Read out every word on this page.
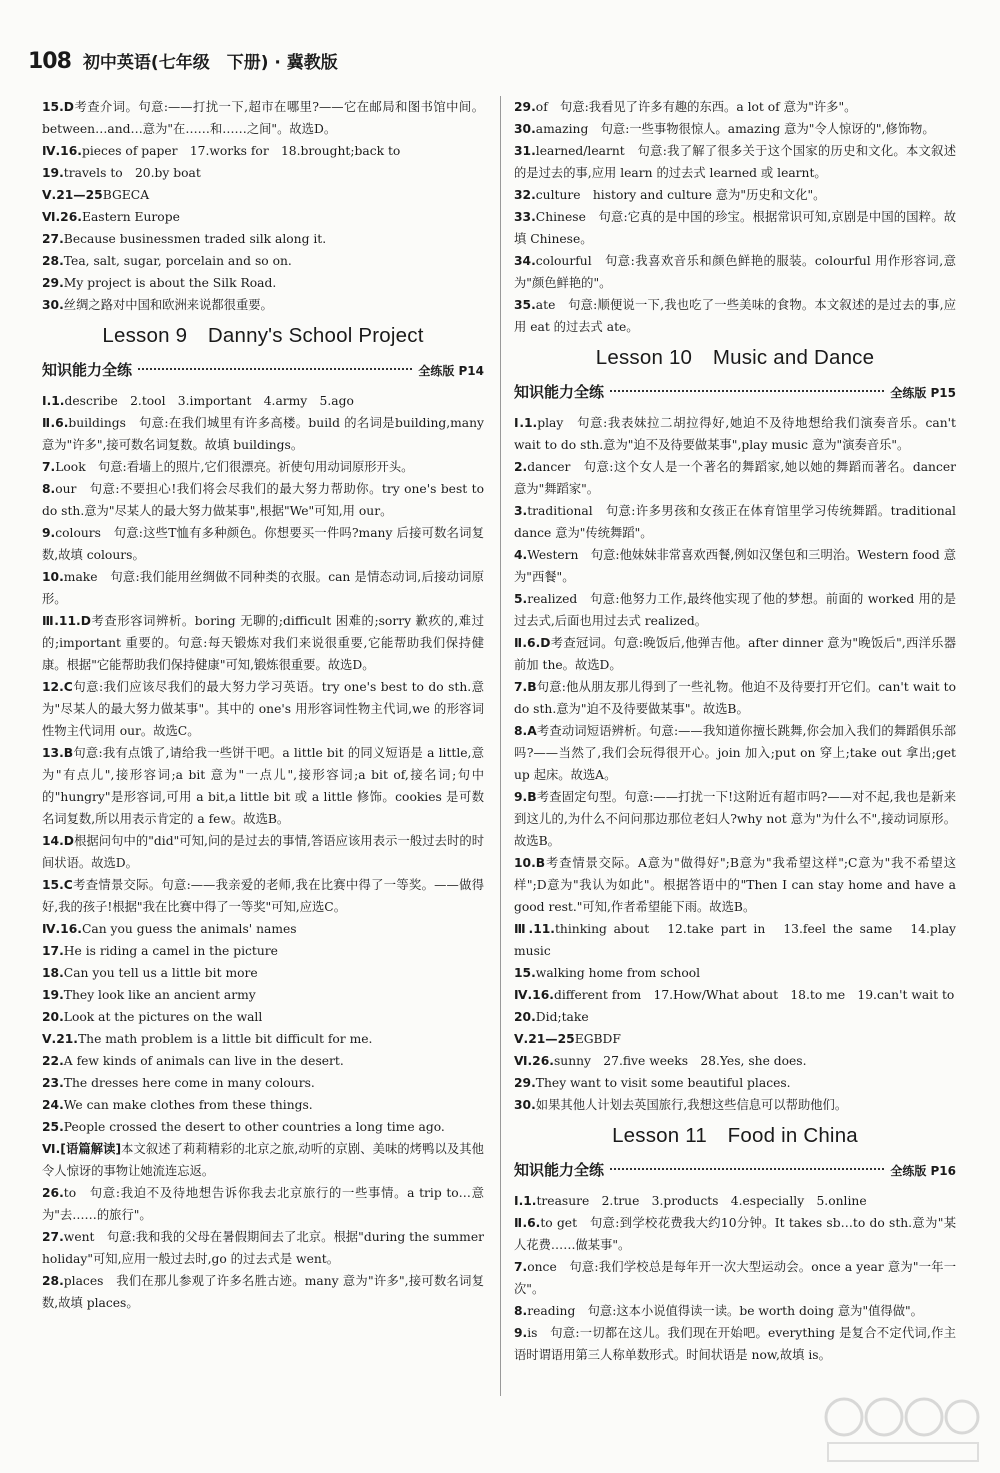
108 初中英语(七年级　下册) · 冀教版
15.D考查介词。句意:——打扰一下,超市在哪里?——它在邮局和图书馆中间。between…and…意为"在……和……之间"。故选D。
Ⅳ.16.pieces of paper　17.works for　18.brought;back to
19.travels to　20.by boat
Ⅴ.21—25BGECA
Ⅵ.26.Eastern Europe
27.Because businessmen traded silk along it.
28.Tea, salt, sugar, porcelain and so on.
29.My project is about the Silk Road.
30.丝绸之路对中国和欧洲来说都很重要。
Lesson 9　Danny's School Project
知识能力全练	全练版 P14
Ⅰ.1.describe　2.tool　3.important　4.army　5.ago
Ⅱ.6.buildings　句意:在我们城里有许多高楼。build 的名词是building,many 意为"许多",接可数名词复数。故填 buildings。
7.Look　句意:看墙上的照片,它们很漂亮。祈使句用动词原形开头。
8.our　句意:不要担心!我们将会尽我们的最大努力帮助你。try one's best to do sth.意为"尽某人的最大努力做某事",根据"We"可知,用 our。
9.colours　句意:这些T恤有多种颜色。你想要买一件吗?many 后接可数名词复数,故填 colours。
10.make　句意:我们能用丝绸做不同种类的衣服。can 是情态动词,后接动词原形。
Ⅲ.11.D考查形容词辨析。boring 无聊的;difficult 困难的;sorry 歉疚的,难过的;important 重要的。句意:每天锻炼对我们来说很重要,它能帮助我们保持健康。根据"它能帮助我们保持健康"可知,锻炼很重要。故选D。
12.C句意:我们应该尽我们的最大努力学习英语。try one's best to do sth.意为"尽某人的最大努力做某事"。其中的 one's 用形容词性物主代词,we 的形容词性物主代词用 our。故选C。
13.B句意:我有点饿了,请给我一些饼干吧。a little bit 的同义短语是 a little,意为"有点儿",接形容词;a bit 意为"一点儿",接形容词;a bit of,接名词;句中的"hungry"是形容词,可用 a bit,a little bit 或 a little 修饰。cookies 是可数名词复数,所以用表示肯定的 a few。故选B。
14.D根据问句中的"did"可知,问的是过去的事情,答语应该用表示一般过去时的时间状语。故选D。
15.C考查情景交际。句意:——我亲爱的老师,我在比赛中得了一等奖。——做得好,我的孩子!根据"我在比赛中得了一等奖"可知,应选C。
Ⅳ.16.Can you guess the animals' names
17.He is riding a camel in the picture
18.Can you tell us a little bit more
19.They look like an ancient army
20.Look at the pictures on the wall
Ⅴ.21.The math problem is a little bit difficult for me.
22.A few kinds of animals can live in the desert.
23.The dresses here come in many colours.
24.We can make clothes from these things.
25.People crossed the desert to other countries a long time ago.
Ⅵ.[语篇解读]本文叙述了莉莉精彩的北京之旅,动听的京剧、美味的烤鸭以及其他令人惊讶的事物让她流连忘返。
26.to　句意:我迫不及待地想告诉你我去北京旅行的一些事情。a trip to…意为"去……的旅行"。
27.went　句意:我和我的父母在暑假期间去了北京。根据"during the summer holiday"可知,应用一般过去时,go 的过去式是 went。
28.places　我们在那儿参观了许多名胜古迹。many 意为"许多",接可数名词复数,故填 places。
29.of　句意:我看见了许多有趣的东西。a lot of 意为"许多"。
30.amazing　句意:一些事物很惊人。amazing 意为"令人惊讶的",修饰物。
31.learned/learnt　句意:我了解了很多关于这个国家的历史和文化。本文叙述的是过去的事,应用 learn 的过去式 learned 或 learnt。
32.culture　history and culture 意为"历史和文化"。
33.Chinese　句意:它真的是中国的珍宝。根据常识可知,京剧是中国的国粹。故填 Chinese。
34.colourful　句意:我喜欢音乐和颜色鲜艳的服装。colourful 用作形容词,意为"颜色鲜艳的"。
35.ate　句意:顺便说一下,我也吃了一些美味的食物。本文叙述的是过去的事,应用 eat 的过去式 ate。
Lesson 10　Music and Dance
知识能力全练	全练版 P15
Ⅰ.1.play　句意:我表妹拉二胡拉得好,她迫不及待地想给我们演奏音乐。can't wait to do sth.意为"迫不及待要做某事",play music 意为"演奏音乐"。
2.dancer　句意:这个女人是一个著名的舞蹈家,她以她的舞蹈而著名。dancer 意为"舞蹈家"。
3.traditional　句意:许多男孩和女孩正在体育馆里学习传统舞蹈。traditional dance 意为"传统舞蹈"。
4.Western　句意:他妹妹非常喜欢西餐,例如汉堡包和三明治。Western food 意为"西餐"。
5.realized　句意:他努力工作,最终他实现了他的梦想。前面的 worked 用的是过去式,后面也用过去式 realized。
Ⅱ.6.D考查冠词。句意:晚饭后,他弹吉他。after dinner 意为"晚饭后",西洋乐器前加 the。故选D。
7.B句意:他从朋友那儿得到了一些礼物。他迫不及待要打开它们。can't wait to do sth.意为"迫不及待要做某事"。故选B。
8.A考查动词短语辨析。句意:——我知道你擅长跳舞,你会加入我们的舞蹈俱乐部吗?——当然了,我们会玩得很开心。join 加入;put on 穿上;take out 拿出;get up 起床。故选A。
9.B考查固定句型。句意:——打扰一下!这附近有超市吗?——对不起,我也是新来到这儿的,为什么不问问那边那位老妇人?why not 意为"为什么不",接动词原形。故选B。
10.B考查情景交际。A意为"做得好";B意为"我希望这样";C意为"我不希望这样";D意为"我认为如此"。根据答语中的"Then I can stay home and have a good rest."可知,作者希望能下雨。故选B。
Ⅲ.11.thinking about　12.take part in　13.feel the same　14.play music
15.walking home from school
Ⅳ.16.different from　17.How/What about　18.to me　19.can't wait to
20.Did;take
Ⅴ.21—25EGBDF
Ⅵ.26.sunny　27.five weeks　28.Yes, she does.
29.They want to visit some beautiful places.
30.如果其他人计划去英国旅行,我想这些信息可以帮助他们。
Lesson 11　Food in China
知识能力全练	全练版 P16
Ⅰ.1.treasure　2.true　3.products　4.especially　5.online
Ⅱ.6.to get　句意:到学校花费我大约10分钟。It takes sb…to do sth.意为"某人花费……做某事"。
7.once　句意:我们学校总是每年开一次大型运动会。once a year 意为"一年一次"。
8.reading　句意:这本小说值得读一读。be worth doing 意为"值得做"。
9.is　句意:一切都在这儿。我们现在开始吧。everything 是复合不定代词,作主语时谓语用第三人称单数形式。时间状语是 now,故填 is。
